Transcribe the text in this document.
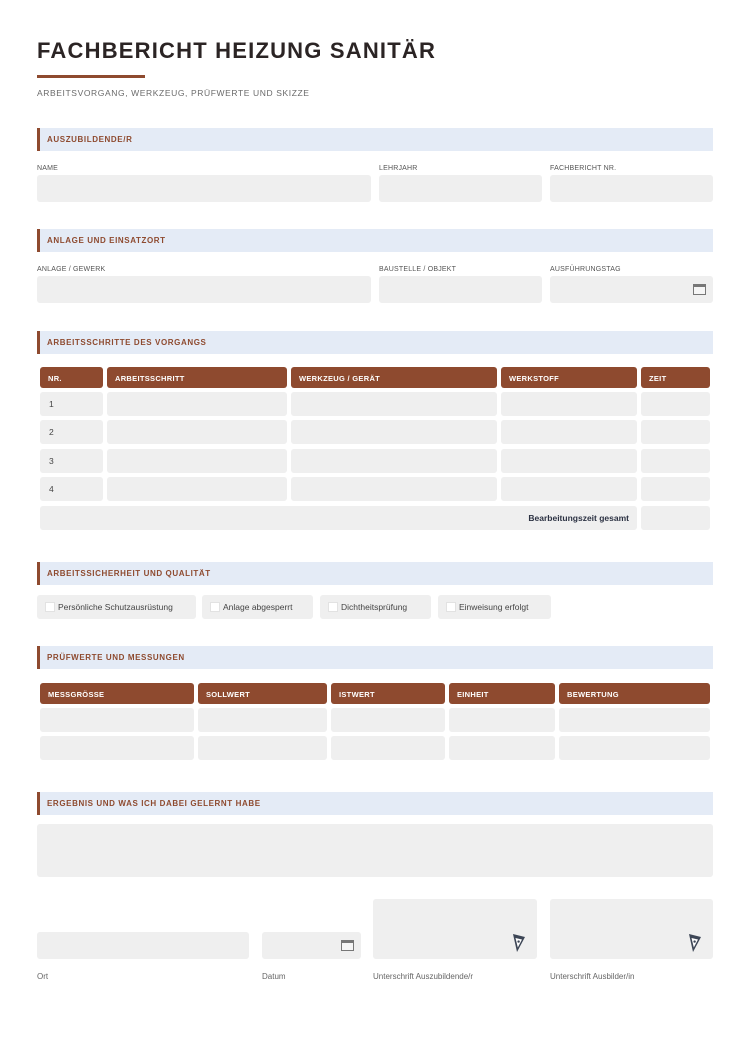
FACHBERICHT HEIZUNG SANITÄR
ARBEITSVORGANG, WERKZEUG, PRÜFWERTE UND SKIZZE
AUSZUBILDENDE/R
NAME	LEHRJAHR	FACHBERICHT NR.
ANLAGE UND EINSATZORT
ANLAGE / GEWERK	BAUSTELLE / OBJEKT	AUSFÜHRUNGSTAG
ARBEITSSCHRITTE DES VORGANGS
NR.	ARBEITSSCHRITT	WERKZEUG / GERÄT	WERKSTOFF	ZEIT
1
2
3
4
Bearbeitungszeit gesamt
ARBEITSSICHERHEIT UND QUALITÄT
Persönliche Schutzausrüstung	Anlage abgesperrt	Dichtheitsprüfung	Einweisung erfolgt
PRÜFWERTE UND MESSUNGEN
MESSGRÖSSE	SOLLWERT	ISTWERT	EINHEIT	BEWERTUNG
ERGEBNIS UND WAS ICH DABEI GELERNT HABE
Ort	Datum	Unterschrift Auszubildende/r	Unterschrift Ausbilder/in
